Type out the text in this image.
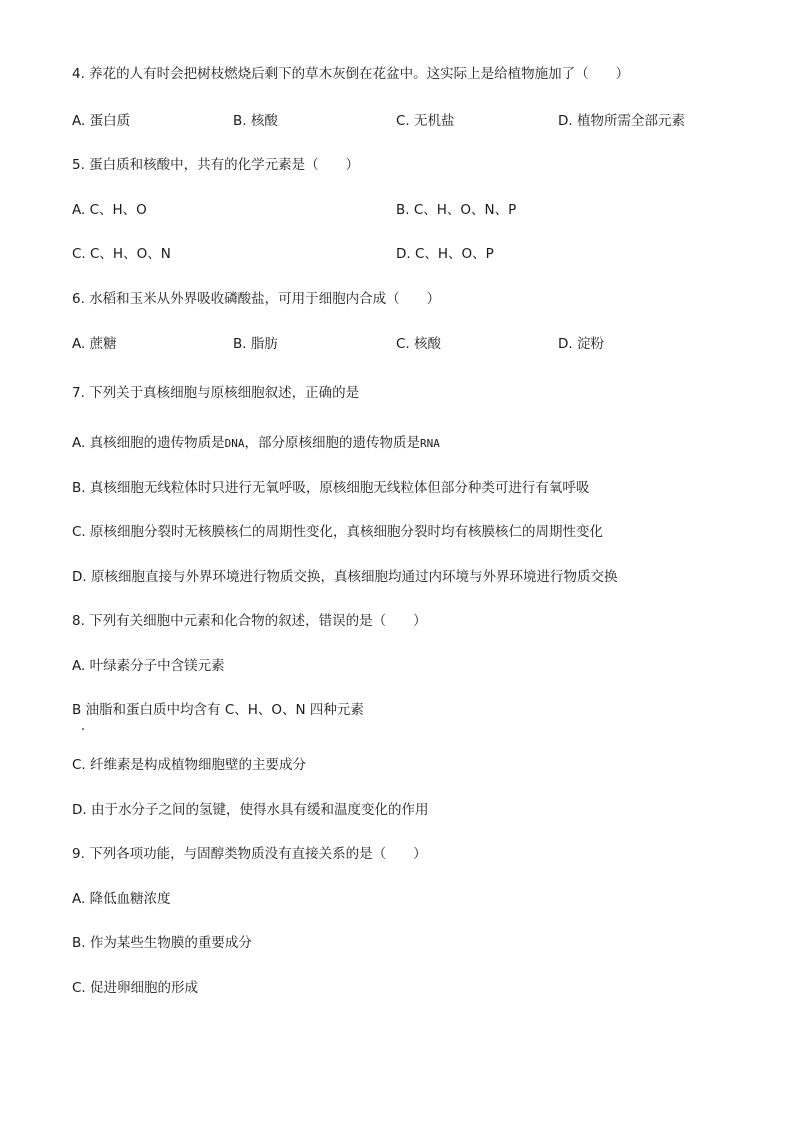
4. 养花的人有时会把树枝燃烧后剩下的草木灰倒在花盆中。这实际上是给植物施加了（　　）
A. 蛋白质	B. 核酸	C. 无机盐	D. 植物所需全部元素
5. 蛋白质和核酸中，共有的化学元素是（　　）
A. C、H、O	B. C、H、O、N、P
C. C、H、O、N	D. C、H、O、P
6. 水稻和玉米从外界吸收磷酸盐，可用于细胞内合成（　　）
A. 蔗糖	B. 脂肪	C. 核酸	D. 淀粉
7. 下列关于真核细胞与原核细胞叙述，正确的是
A. 真核细胞的遗传物质是DNA，部分原核细胞的遗传物质是RNA
B. 真核细胞无线粒体时只进行无氧呼吸，原核细胞无线粒体但部分种类可进行有氧呼吸
C. 原核细胞分裂时无核膜核仁的周期性变化，真核细胞分裂时均有核膜核仁的周期性变化
D. 原核细胞直接与外界环境进行物质交换，真核细胞均通过内环境与外界环境进行物质交换
8. 下列有关细胞中元素和化合物的叙述，错误的是（　　）
A. 叶绿素分子中含镁元素
B 油脂和蛋白质中均含有 C、H、O、N 四种元素
C. 纤维素是构成植物细胞壁的主要成分
D. 由于水分子之间的氢键，使得水具有缓和温度变化的作用
9. 下列各项功能，与固醇类物质没有直接关系的是（　　）
A. 降低血糖浓度
B. 作为某些生物膜的重要成分
C. 促进卵细胞的形成
